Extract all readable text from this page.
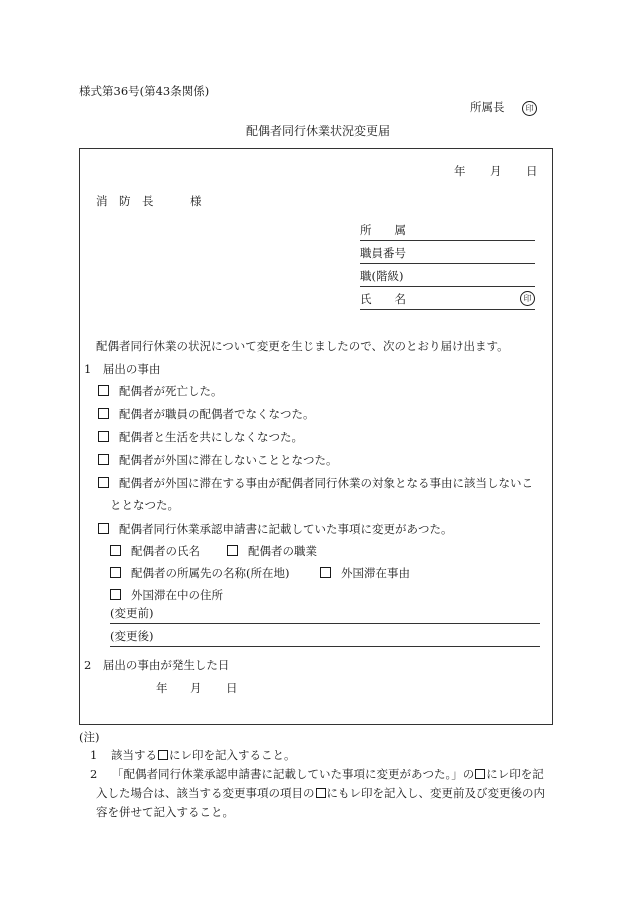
様式第36号(第43条関係)
所属長	印
配偶者同行休業状況変更届
年 月 日
消　防　長	様
所　　属
職員番号
職(階級)
氏　　名	印
配偶者同行休業の状況について変更を生じましたので、次のとおり届け出ます。
1　届出の事由
配偶者が死亡した。
配偶者が職員の配偶者でなくなつた。
配偶者と生活を共にしなくなつた。
配偶者が外国に滞在しないこととなつた。
配偶者が外国に滞在する事由が配偶者同行休業の対象となる事由に該当しないこ
ととなつた。
配偶者同行休業承認申請書に記載していた事項に変更があつた。
配偶者の氏名	配偶者の職業
配偶者の所属先の名称(所在地)	外国滞在事由
外国滞在中の住所
(変更前)
(変更後)
2　届出の事由が発生した日
年 月 日
(注)
1 該当する にレ印を記入すること。
2	「配偶者同行休業承認申請書に記載していた事項に変更があつた。」の にレ印を記入した場合は、該当する変更事項の項目の にもレ印を記入し、変更前及び変更後の内容を併せて記入すること。
